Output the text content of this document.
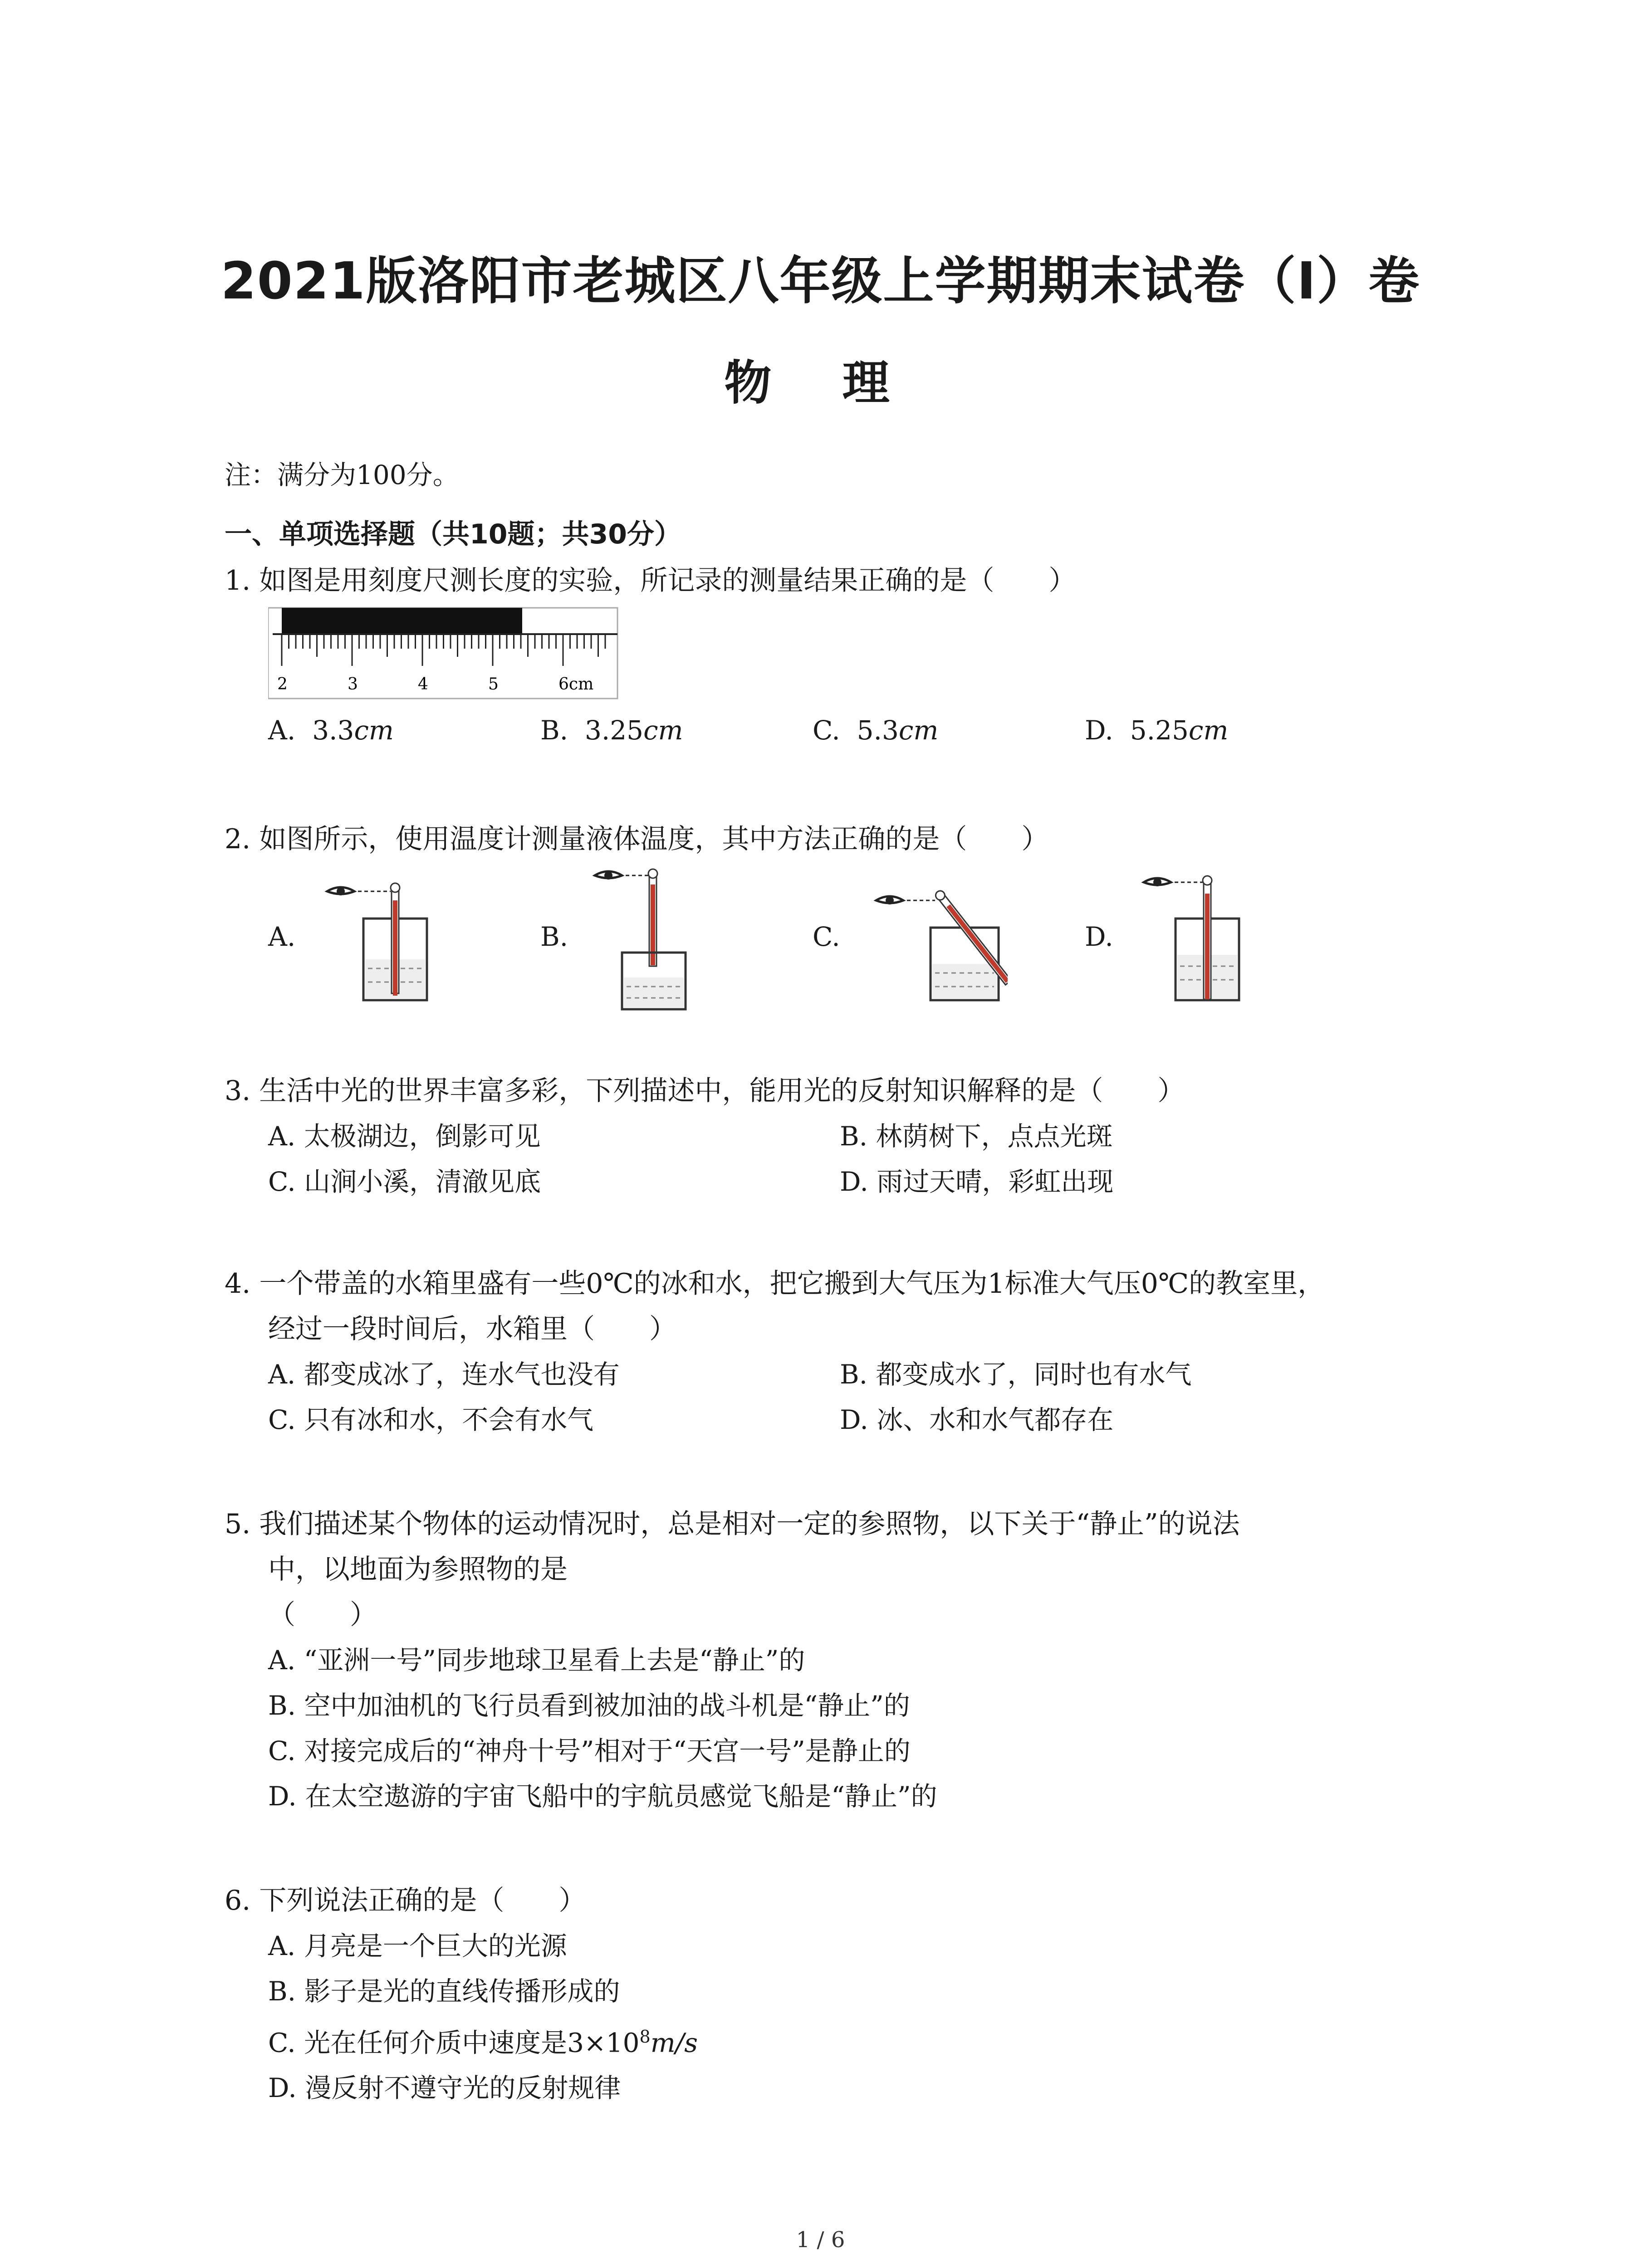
2021版洛阳市老城区八年级上学期期末试卷（I）卷
物 理
注：满分为100分。
一、单项选择题（共10题；共30分）
1. 如图是用刻度尺测长度的实验，所记录的测量结果正确的是（　　）
2	3	4	5	6cm
A. 3.3cm	B. 3.25cm	C. 5.3cm	D. 5.25cm
2. 如图所示，使用温度计测量液体温度，其中方法正确的是（　　）
A.	B.	C.	D.
3. 生活中光的世界丰富多彩，下列描述中，能用光的反射知识解释的是（　　）
A. 太极湖边，倒影可见	B. 林荫树下，点点光斑
C. 山涧小溪，清澈见底	D. 雨过天晴，彩虹出现
4. 一个带盖的水箱里盛有一些0℃的冰和水，把它搬到大气压为1标准大气压0℃的教室里，
经过一段时间后，水箱里（　　）
A. 都变成冰了，连水气也没有	B. 都变成水了，同时也有水气
C. 只有冰和水，不会有水气	D. 冰、水和水气都存在
5. 我们描述某个物体的运动情况时，总是相对一定的参照物，以下关于“静止”的说法
中，以地面为参照物的是
（　　）
A. “亚洲一号”同步地球卫星看上去是“静止”的
B. 空中加油机的飞行员看到被加油的战斗机是“静止”的
C. 对接完成后的“神舟十号”相对于“天宫一号”是静止的
D. 在太空遨游的宇宙飞船中的宇航员感觉飞船是“静止”的
6. 下列说法正确的是（　　）
A. 月亮是一个巨大的光源
B. 影子是光的直线传播形成的
C. 光在任何介质中速度是$3\times 10^8m/s$
D. 漫反射不遵守光的反射规律
1 / 6
